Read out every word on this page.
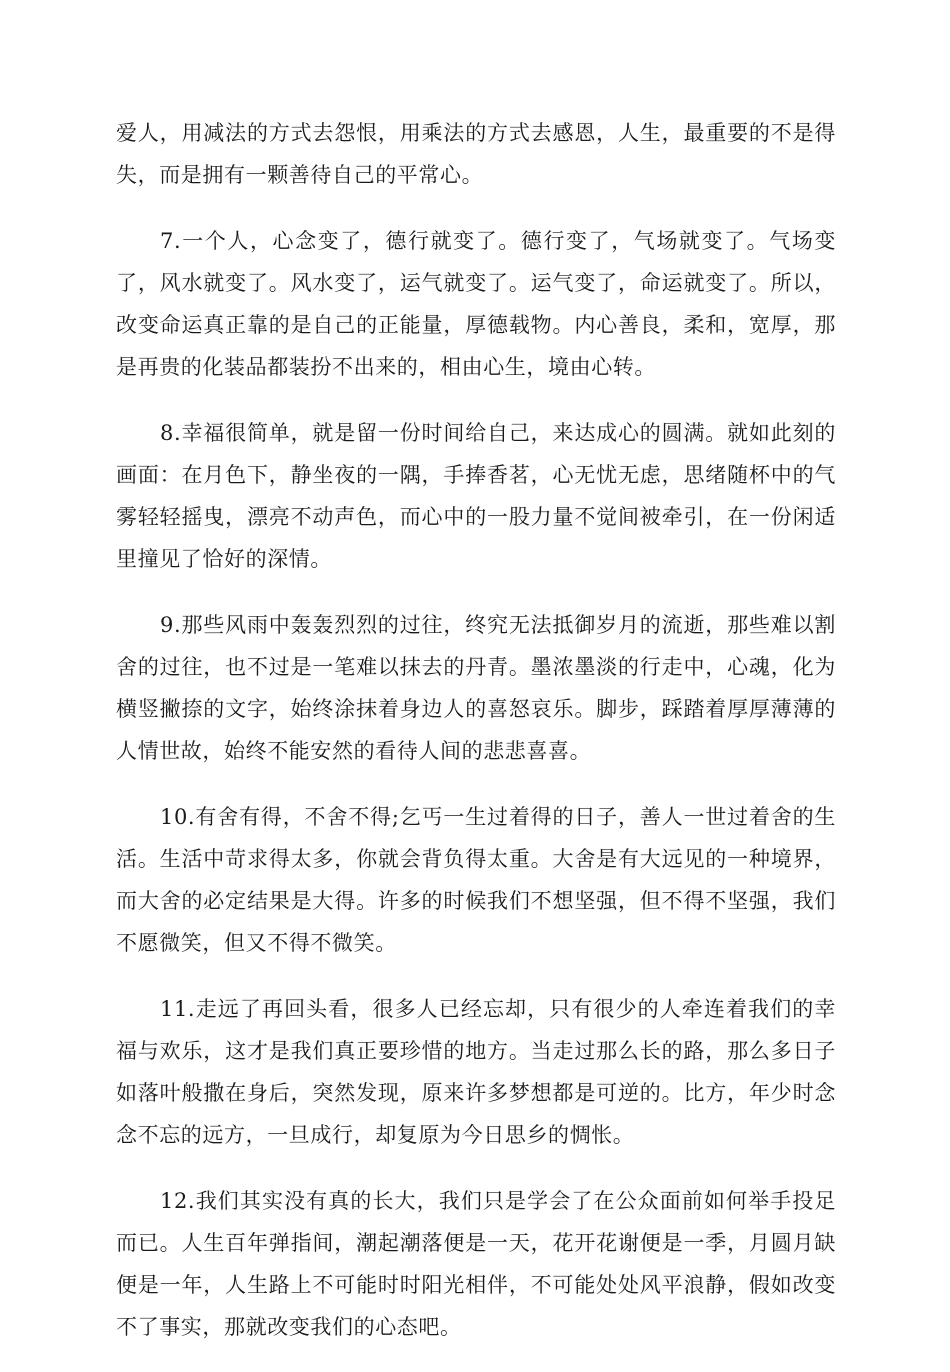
爱人，用减法的方式去怨恨，用乘法的方式去感恩，人生，最重要的不是得失，而是拥有一颗善待自己的平常心。

7.一个人，心念变了，德行就变了。德行变了，气场就变了。气场变了，风水就变了。风水变了，运气就变了。运气变了，命运就变了。所以，改变命运真正靠的是自己的正能量，厚德载物。内心善良，柔和，宽厚，那是再贵的化装品都装扮不出来的，相由心生，境由心转。

8.幸福很简单，就是留一份时间给自己，来达成心的圆满。就如此刻的画面：在月色下，静坐夜的一隅，手捧香茗，心无忧无虑，思绪随杯中的气雾轻轻摇曳，漂亮不动声色，而心中的一股力量不觉间被牵引，在一份闲适里撞见了恰好的深情。

9.那些风雨中轰轰烈烈的过往，终究无法抵御岁月的流逝，那些难以割舍的过往，也不过是一笔难以抹去的丹青。墨浓墨淡的行走中，心魂，化为横竖撇捺的文字，始终涂抹着身边人的喜怒哀乐。脚步，踩踏着厚厚薄薄的人情世故，始终不能安然的看待人间的悲悲喜喜。

10.有舍有得，不舍不得;乞丐一生过着得的日子，善人一世过着舍的生活。生活中苛求得太多，你就会背负得太重。大舍是有大远见的一种境界，而大舍的必定结果是大得。许多的时候我们不想坚强，但不得不坚强，我们不愿微笑，但又不得不微笑。

11.走远了再回头看，很多人已经忘却，只有很少的人牵连着我们的幸福与欢乐，这才是我们真正要珍惜的地方。当走过那么长的路，那么多日子如落叶般撒在身后，突然发现，原来许多梦想都是可逆的。比方，年少时念念不忘的远方，一旦成行，却复原为今日思乡的惆怅。

12.我们其实没有真的长大，我们只是学会了在公众面前如何举手投足而已。人生百年弹指间，潮起潮落便是一天，花开花谢便是一季，月圆月缺便是一年，人生路上不可能时时阳光相伴，不可能处处风平浪静，假如改变不了事实，那就改变我们的心态吧。
